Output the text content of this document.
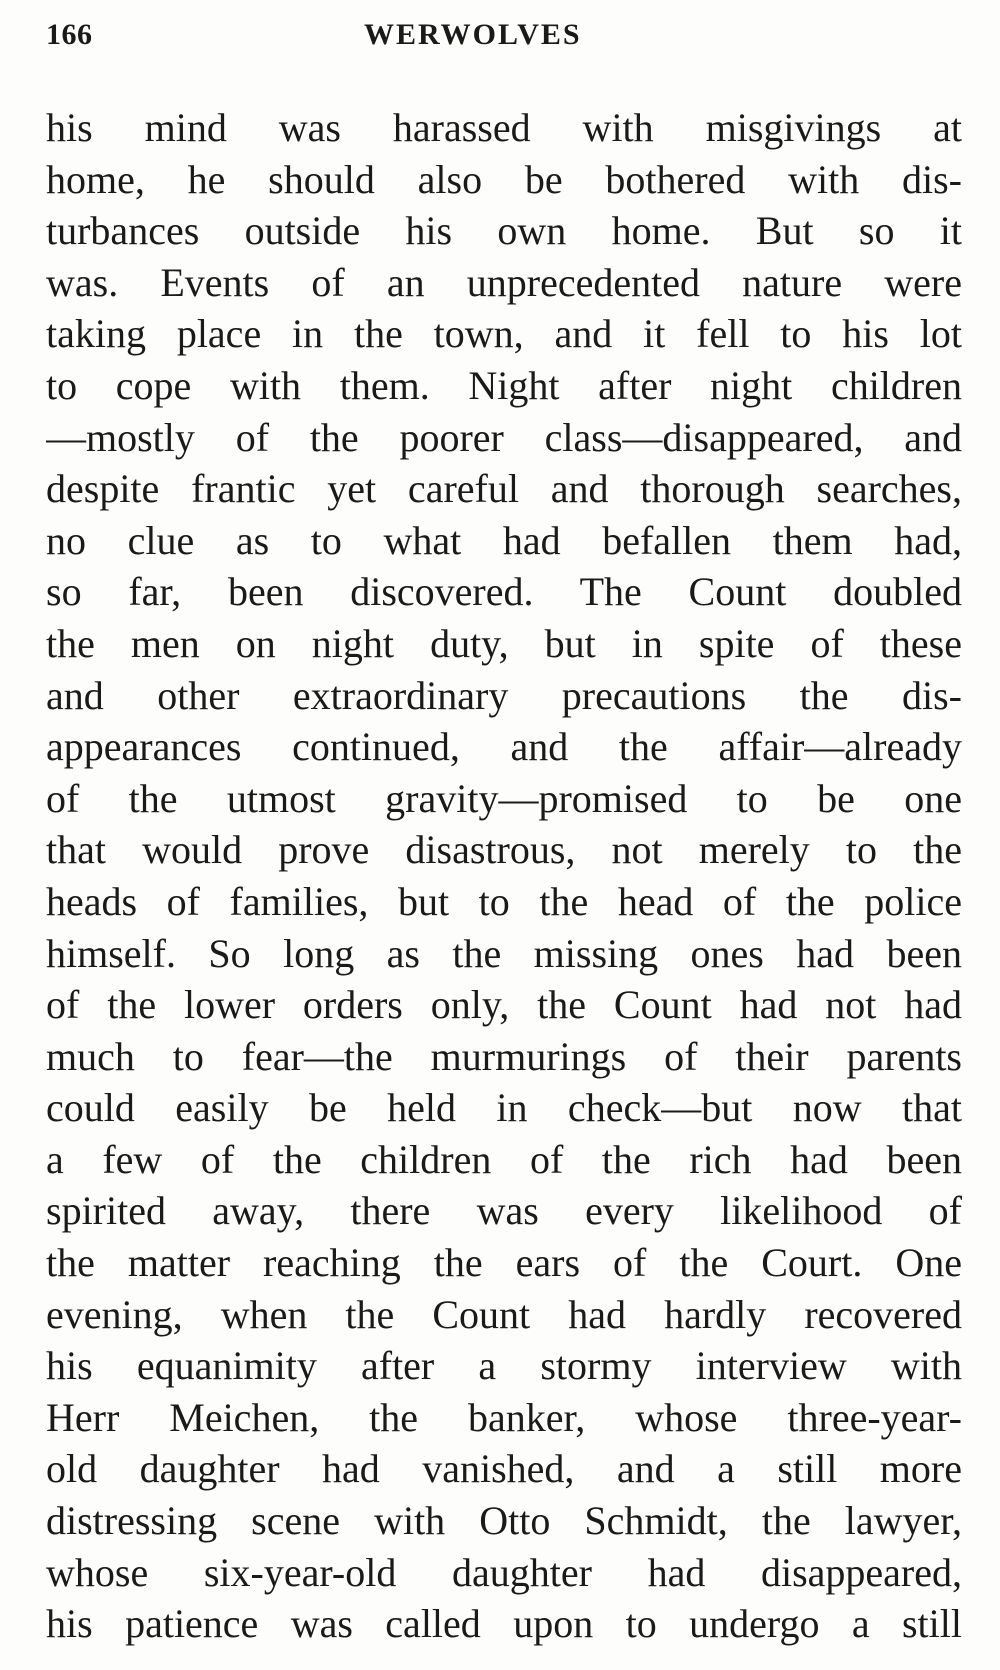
166	WERWOLVES
his mind was harassed with misgivings at
home, he should also be bothered with dis-
turbances outside his own home. But so it
was. Events of an unprecedented nature were
taking place in the town, and it fell to his lot
to cope with them. Night after night children
—mostly of the poorer class—disappeared, and
despite frantic yet careful and thorough searches,
no clue as to what had befallen them had,
so far, been discovered. The Count doubled
the men on night duty, but in spite of these
and other extraordinary precautions the dis-
appearances continued, and the affair—already
of the utmost gravity—promised to be one
that would prove disastrous, not merely to the
heads of families, but to the head of the police
himself. So long as the missing ones had been
of the lower orders only, the Count had not had
much to fear—the murmurings of their parents
could easily be held in check—but now that
a few of the children of the rich had been
spirited away, there was every likelihood of
the matter reaching the ears of the Court. One
evening, when the Count had hardly recovered
his equanimity after a stormy interview with
Herr Meichen, the banker, whose three-year-
old daughter had vanished, and a still more
distressing scene with Otto Schmidt, the lawyer,
whose six-year-old daughter had disappeared,
his patience was called upon to undergo a still
